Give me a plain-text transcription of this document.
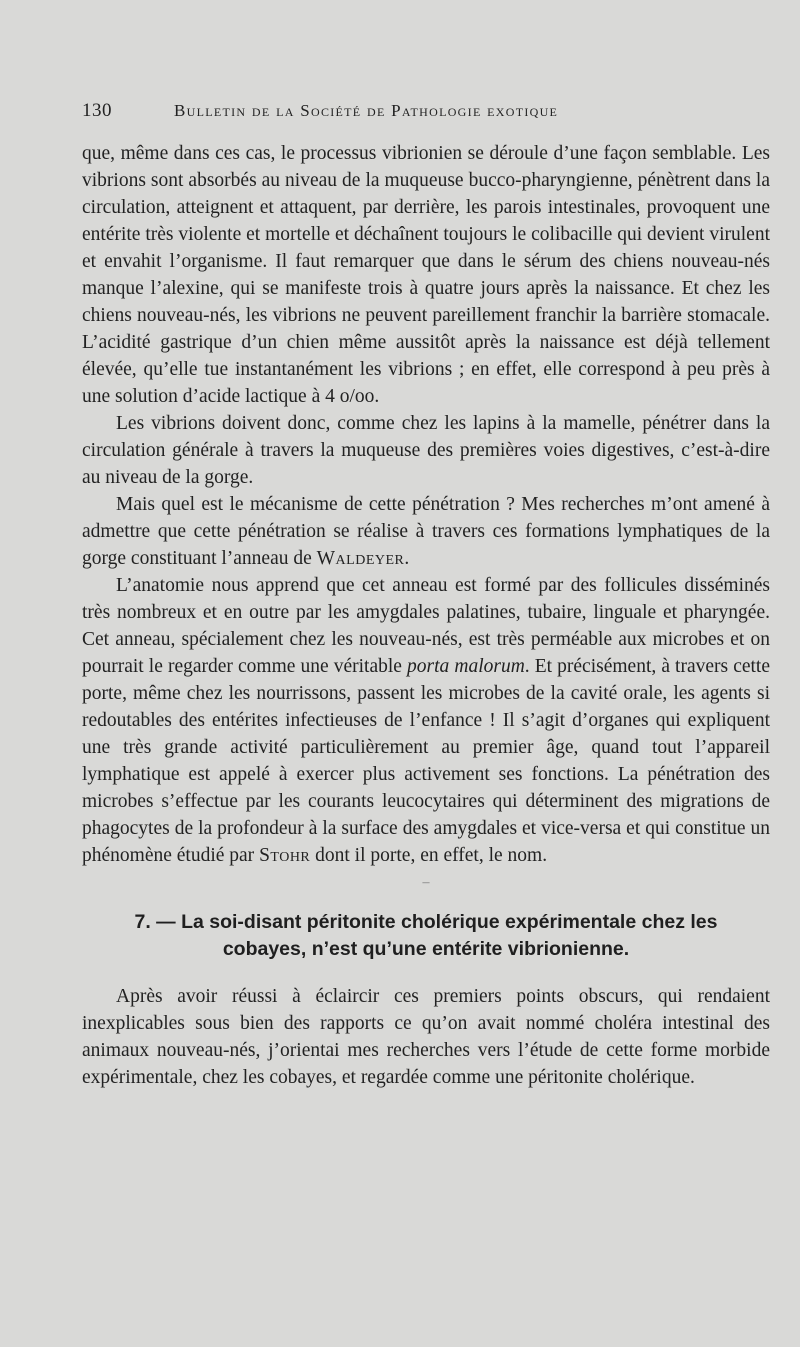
130	Bulletin de la Société de Pathologie exotique

que, même dans ces cas, le processus vibrionien se déroule d’une façon semblable. Les vibrions sont absorbés au niveau de la muqueuse bucco-pharyngienne, pénètrent dans la circulation, atteignent et attaquent, par derrière, les parois intestinales, provoquent une entérite très violente et mortelle et déchaînent toujours le colibacille qui devient virulent et envahit l’organisme. Il faut remarquer que dans le sérum des chiens nouveau-nés manque l’alexine, qui se manifeste trois à quatre jours après la naissance. Et chez les chiens nouveau-nés, les vibrions ne peuvent pareillement franchir la barrière stomacale. L’acidité gastrique d’un chien même aussitôt après la naissance est déjà tellement élevée, qu’elle tue instantanément les vibrions ; en effet, elle correspond à peu près à une solution d’acide lactique à 4 o/oo.

Les vibrions doivent donc, comme chez les lapins à la mamelle, pénétrer dans la circulation générale à travers la muqueuse des premières voies digestives, c’est-à-dire au niveau de la gorge.

Mais quel est le mécanisme de cette pénétration ? Mes recherches m’ont amené à admettre que cette pénétration se réalise à travers ces formations lymphatiques de la gorge constituant l’anneau de Waldeyer.

L’anatomie nous apprend que cet anneau est formé par des follicules disséminés très nombreux et en outre par les amygdales palatines, tubaire, linguale et pharyngée. Cet anneau, spécialement chez les nouveau-nés, est très perméable aux microbes et on pourrait le regarder comme une véritable porta malorum. Et précisément, à travers cette porte, même chez les nourrissons, passent les microbes de la cavité orale, les agents si redoutables des entérites infectieuses de l’enfance ! Il s’agit d’organes qui expliquent une très grande activité particulièrement au premier âge, quand tout l’appareil lymphatique est appelé à exercer plus activement ses fonctions. La pénétration des microbes s’effectue par les courants leucocytaires qui déterminent des migrations de phagocytes de la profondeur à la surface des amygdales et vice-versa et qui constitue un phénomène étudié par Stohr dont il porte, en effet, le nom.

–
7. — La soi-disant péritonite cholérique expérimentale chez les cobayes, n’est qu’une entérite vibrionienne.

Après avoir réussi à éclaircir ces premiers points obscurs, qui rendaient inexplicables sous bien des rapports ce qu’on avait nommé choléra intestinal des animaux nouveau-nés, j’orientai mes recherches vers l’étude de cette forme morbide expérimentale, chez les cobayes, et regardée comme une péritonite cholérique.
